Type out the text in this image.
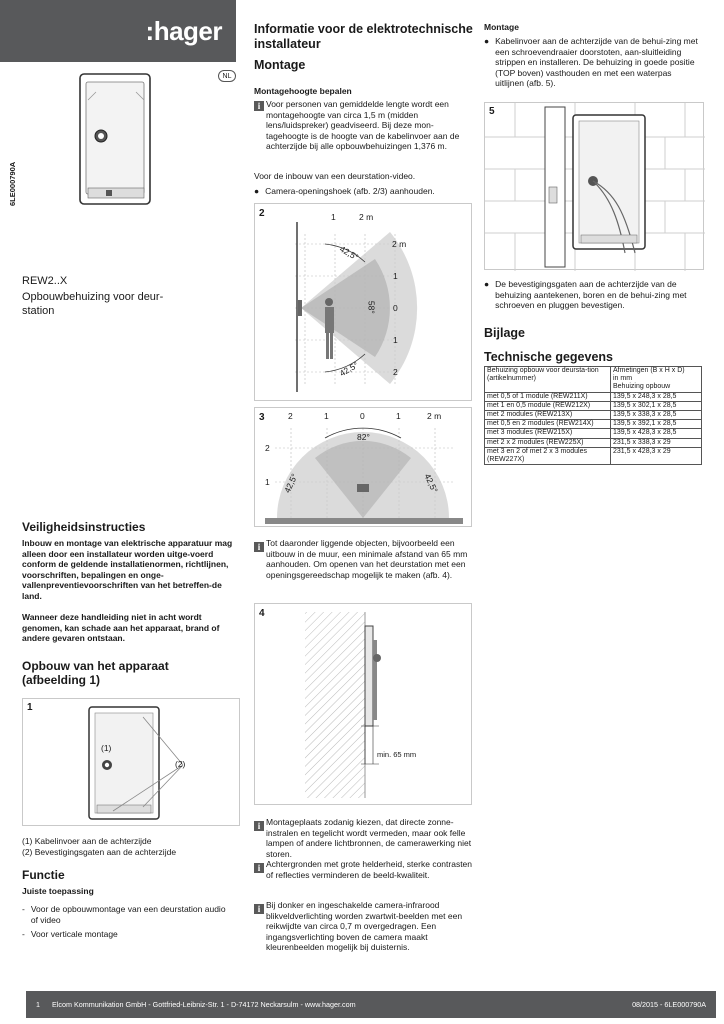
:hager
6LE000790A
NL
REW2..X
Opbouwbehuizing voor deur-station
Veiligheidsinstructies
Inbouw en montage van elektrische apparatuur mag alleen door een installateur worden uitge-voerd conform de geldende installatienormen, richtlijnen, voorschriften, bepalingen en onge-vallenpreventievoorschriften van het betreffen-de land.
Wanneer deze handleiding niet in acht wordt genomen, kan schade aan het apparaat, brand of andere gevaren ontstaan.
Opbouw van het apparaat (afbeelding 1)
1
(1)
(2)
(1) Kabelinvoer aan de achterzijde
(2) Bevestigingsgaten aan de achterzijde
Functie
Juiste toepassing
- Voor de opbouwmontage van een deurstation audio of video
- Voor verticale montage
Informatie voor de elektrotechnische installateur
Montage
Montagehoogte bepalen
i Voor personen van gemiddelde lengte wordt een montagehoogte van circa 1,5 m (midden lens/luidspreker) geadviseerd. Bij deze mon-tagehoogte is de hoogte van de kabelinvoer aan de achterzijde bij alle opbouwbehuizingen 1,376 m.
Voor de inbouw van een deurstation-video.
● Camera-openingshoek (afb. 2/3) aanhouden.
2	1	2 m
2 m
1
0
1
2
42,5°
58°
42,5°
3	2	1	0	1	2 m
2
1
82°
42,5°	42,5°
i Tot daaronder liggende objecten, bijvoorbeeld een uitbouw in de muur, een minimale afstand van 65 mm aanhouden. Om openen van het deurstation met een openingsgereedschap mogelijk te maken (afb. 4).
4
min. 65 mm
i Montageplaats zodanig kiezen, dat directe zonne-instralen en tegelicht wordt vermeden, maar ook felle lampen of andere lichtbronnen, de camerawerking niet storen.
i Achtergronden met grote helderheid, sterke contrasten of reflecties verminderen de beeld-kwaliteit.
i Bij donker en ingeschakelde camera-infrarood blikveldverlichting worden zwartwit-beelden met een reikwijdte van circa 0,7 m overgedragen. Een ingangsverlichting boven de camera maakt kleurenbeelden mogelijk bij duisternis.
Montage
● Kabelinvoer aan de achterzijde van de behui-zing met een schroevendraaier doorstoten, aan-sluitleiding strippen en installeren. De behuizing in goede positie (TOP boven) vasthouden en met een waterpas uitlijnen (afb. 5).
5
● De bevestigingsgaten aan de achterzijde van de behuizing aantekenen, boren en de behui-zing met schroeven en pluggen bevestigen.
Bijlage
Technische gegevens
Behuizing opbouw voor deursta-tion (artikelnummer)	Afmetingen (B x H x D)
in mm
Behuizing opbouw

met 0,5 of 1 module (REW211X)	139,5 x 248,3 x 28,5
met 1 en 0,5 module (REW212X)	139,5 x 302,1 x 28,5
met 2 modules (REW213X)	139,5 x 338,3 x 28,5
met 0,5 en 2 modules (REW214X)	139,5 x 392,1 x 28,5
met 3 modules (REW215X)	139,5 x 428,3 x 28,5
met 2 x 2 modules (REW225X)	231,5 x 338,3 x 29
met 3 en 2 of met 2 x 3 modules (REW227X)	231,5 x 428,3 x 29
1	Elcom Kommunikation GmbH - Gottfried-Leibniz-Str. 1 - D-74172 Neckarsulm - www.hager.com	08/2015 - 6LE000790A
